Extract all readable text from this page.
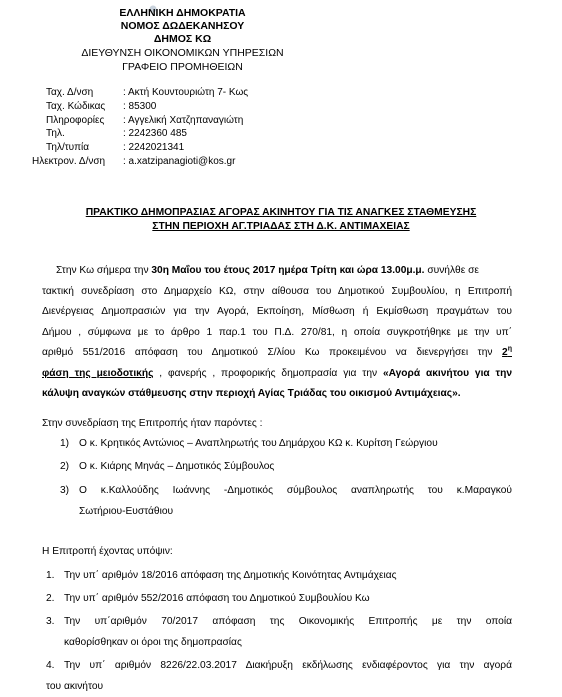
ΕΛΛΗΝΙΚΗ ΔΗΜΟΚΡΑΤΙΑ
ΝΟΜΟΣ ΔΩΔΕΚΑΝΗΣΟΥ
ΔΗΜΟΣ ΚΩ
ΔΙΕΥΘΥΝΣΗ ΟΙΚΟΝΟΜΙΚΩΝ ΥΠΗΡΕΣΙΩΝ
ΓΡΑΦΕΙΟ ΠΡΟΜΗΘΕΙΩΝ
Ταχ. Δ/νση	: Ακτή Κουντουριώτη 7- Κως
Ταχ. Κώδικας : 85300
Πληροφορίες : Αγγελική Χατζηπαναγιώτη
Τηλ.	: 2242360 485
Τηλ/τυπία	: 2242021341
Ηλεκτρον. Δ/νση : a.xatzipanagioti@kos.gr
ΠΡΑΚΤΙΚΟ ΔΗΜΟΠΡΑΣΙΑΣ ΑΓΟΡΑΣ ΑΚΙΝΗΤΟΥ ΓΙΑ ΤΙΣ ΑΝΑΓΚΕΣ ΣΤΑΘΜΕΥΣΗΣ
ΣΤΗΝ ΠΕΡΙΟΧΗ ΑΓ.ΤΡΙΑΔΑΣ ΣΤΗ Δ.Κ. ΑΝΤΙΜΑΧΕΙΑΣ
Στην Κω σήμερα την 30η Μαΐου του έτους 2017 ημέρα Τρίτη και ώρα 13.00μ.μ. συνήλθε σε
τακτική συνεδρίαση στο Δημαρχείο ΚΩ, στην αίθουσα του Δημοτικού Συμβουλίου, η Επιτροπή
Διενέργειας Δημοπρασιών για την Αγορά, Εκποίηση, Μίσθωση ή Εκμίσθωση πραγμάτων του
Δήμου , σύμφωνα με το άρθρο 1 παρ.1 του Π.Δ. 270/81, η οποία συγκροτήθηκε με την υπ΄
αριθμό 551/2016 απόφαση του Δημοτικού Σ/λίου Κω προκειμένου να διενεργήσει την $2^\eta$
φάση της μειοδοτικής , φανερής , προφορικής δημοπρασία για την «Αγορά ακινήτου για την
κάλυψη αναγκών στάθμευσης στην περιοχή Αγίας Τριάδας του οικισμού Αντιμάχειας».
Στην συνεδρίαση της Επιτροπής ήταν παρόντες :
1) Ο κ. Κρητικός Αντώνιος – Αναπληρωτής του Δημάρχου ΚΩ κ. Κυρίτση Γεώργιου
2) Ο κ. Κιάρης Μηνάς – Δημοτικός Σύμβουλος
3) Ο κ.Καλλούδης Ιωάννης -Δημοτικός σύμβουλος αναπληρωτής του κ.Μαραγκού
Σωτήριου-Ευστάθιου
Η Επιτροπή έχοντας υπόψιν:
1. Την υπ΄ αριθμόν 18/2016 απόφαση της Δημοτικής Κοινότητας Αντιμάχειας
2. Την υπ΄ αριθμόν 552/2016 απόφαση του Δημοτικού Συμβουλίου Κω
3. Την υπ΄αριθμόν 70/2017 απόφαση της Οικονομικής Επιτροπής με την οποία
καθορίσθηκαν οι όροι της δημοπρασίας
4. Την υπ΄ αριθμόν 8226/22.03.2017 Διακήρυξη εκδήλωσης ενδιαφέροντος για την αγορά
του ακινήτου
